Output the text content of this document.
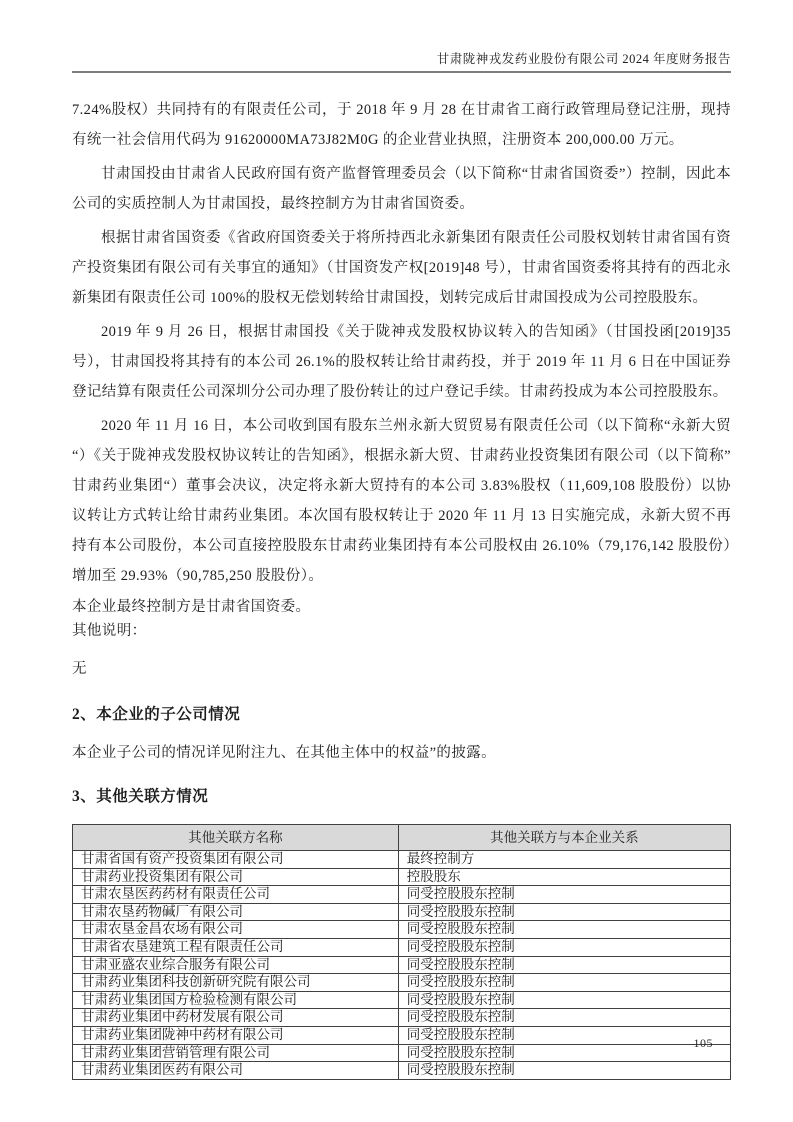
甘肃陇神戎发药业股份有限公司 2024 年度财务报告

7.24%股权）共同持有的有限责任公司，于 2018 年 9 月 28 在甘肃省工商行政管理局登记注册，现持有统一社会信用代码为 91620000MA73J82M0G 的企业营业执照，注册资本 200,000.00 万元。

甘肃国投由甘肃省人民政府国有资产监督管理委员会（以下简称“甘肃省国资委”）控制，因此本公司的实质控制人为甘肃国投，最终控制方为甘肃省国资委。

根据甘肃省国资委《省政府国资委关于将所持西北永新集团有限责任公司股权划转甘肃省国有资产投资集团有限公司有关事宜的通知》（甘国资发产权[2019]48 号），甘肃省国资委将其持有的西北永新集团有限责任公司 100%的股权无偿划转给甘肃国投，划转完成后甘肃国投成为公司控股股东。

2019 年 9 月 26 日，根据甘肃国投《关于陇神戎发股权协议转入的告知函》（甘国投函[2019]35 号），甘肃国投将其持有的本公司 26.1%的股权转让给甘肃药投，并于 2019 年 11 月 6 日在中国证券登记结算有限责任公司深圳分公司办理了股份转让的过户登记手续。甘肃药投成为本公司控股股东。

2020 年 11 月 16 日，本公司收到国有股东兰州永新大贸贸易有限责任公司（以下简称“永新大贸“）《关于陇神戎发股权协议转让的告知函》，根据永新大贸、甘肃药业投资集团有限公司（以下简称”甘肃药业集团“）董事会决议，决定将永新大贸持有的本公司 3.83%股权（11,609,108 股股份）以协议转让方式转让给甘肃药业集团。本次国有股权转让于 2020 年 11 月 13 日实施完成，永新大贸不再持有本公司股份，本公司直接控股股东甘肃药业集团持有本公司股权由 26.10%（79,176,142 股股份）增加至 29.93%（90,785,250 股股份）。

本企业最终控制方是甘肃省国资委。
其他说明：
无
2、本企业的子公司情况
本企业子公司的情况详见附注九、在其他主体中的权益”的披露。
3、其他关联方情况
其他关联方名称	其他关联方与本企业关系
甘肃省国有资产投资集团有限公司	最终控制方
甘肃药业投资集团有限公司	控股股东
甘肃农垦医药药材有限责任公司	同受控股股东控制
甘肃农垦药物碱厂有限公司	同受控股股东控制
甘肃农垦金昌农场有限公司	同受控股股东控制
甘肃省农垦建筑工程有限责任公司	同受控股股东控制
甘肃亚盛农业综合服务有限公司	同受控股股东控制
甘肃药业集团科技创新研究院有限公司	同受控股股东控制
甘肃药业集团国方检验检测有限公司	同受控股股东控制
甘肃药业集团中药材发展有限公司	同受控股股东控制
甘肃药业集团陇神中药材有限公司	同受控股股东控制
甘肃药业集团营销管理有限公司	同受控股股东控制
甘肃药业集团医药有限公司	同受控股股东控制
105
